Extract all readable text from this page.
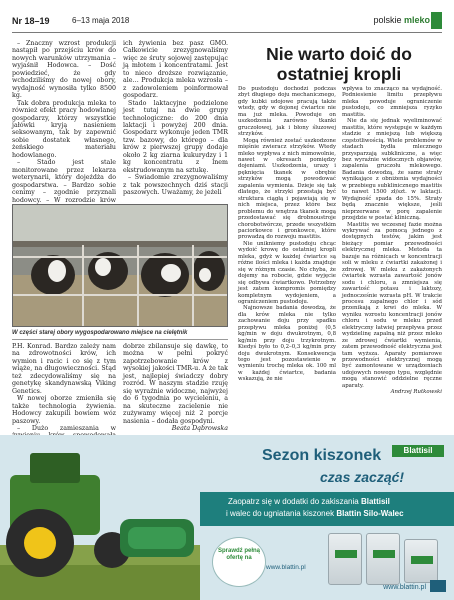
Nr 18–19	6–13 maja 2018	polskie mleko

– Znaczny wzrost produkcji nastąpił po przejściu krów do nowych warunków utrzymania – wyjaśnił Hodowca. – Dość powiedzieć, że gdy wchodziliśmy do nowej obory, wydajność wynosiła tylko 8500 kg.

Tak dobra produkcja mleka to również efekt pracy hodowlanej gospodarzy, którzy wszystkie jałówki kryją nasieniem seksowanym, tak by zapewnić sobie dostatek własnego, żeńskiego materiału hodowlanego.

– Stado jest stale monitorowane przez lekarza weterynarii, który dojeżdża do gospodarstwa. – Bardzo sobie cenimy – zgodnie przyznali hodowcy. – W rozrodzie krów

ich żywienia bez pasz GMO. Całkowicie zrezygnowaliśmy więc ze śruty sojowej zastępując ją młotem i koncentratami. Jest to nieco droższe rozwiązanie, ale… Produkcja mleka wzrosła – z zadowoleniem poinformował gospodarz.

Stado laktacyjne podzielone jest tutaj na dwie grupy technologiczne: do 200 dnia laktacji i powyżej 200 dnia. Gospodarz wykonuje jeden TMR tzw. bazowy, do którego – dla krów z pierwszej grupy dodaje około 2 kg ziarna kukurydzy i 1 kg koncentratu z lnem ekstrudowanym na sztukę.

– Świadomie zrezygnowaliśmy z tak powszechnych dziś stacji paszowych. Uważamy, że jeżeli

W części starej obory wygospodarowano miejsce na cielętnik

P.H. Konrad. Bardzo zależy nam na zdrowotności krów, ich wymion i racic i co się z tym wiąże, na długowieczności. Stąd też zdecydowaliśmy się na genetykę skandynawską Viking Genetics.

W nowej oborze zmieniła się także technologia żywienia. Hodowcy zakupili bowiem wóz paszowy.

– Dużo zamieszania w

dobrze zbilansuje się dawkę, to można w pełni pokryć zapotrzebowanie krów z wysokiej jakości TMR-u. A że tak jest, najlepiej świadczy dobry rozród. W naszym stadzie rzuję się wyraźnie widoczne, najwyżej do 6 tygodnia po wycieleniu, a na skuteczne zacielenie nie zużywamy więcej niż 2 porcje nasienia – dodała gospodyni.

Beata Dąbrowska

Nie warto doić do ostatniej kropli

Do pustodoju dochodzi podczas zbyt długiego doju mechanicznego, gdy kubki udojowe pracują także wtedy, gdy w dojonej ćwiartce nie ma już mleka. Powoduje on uszkodzenia zarówno tkanki gruczołowej, jak i błony śluzowej strzyków.

Mogą również zostać uszkodzone mięśnie zwieracz strzyków. Wtedy mleko wypływa z nich mimowolnie, nawet w okresach pomiędzy dojeniami. Uszkodzenia, urazy i pęknięcia tkanek w obrębie strzyków mogą powodować zapalenia wymienia. Dzieje się tak dlatego, że strzyki przestają być struktura ciągłą i pojawiają się w nich miejsca, przez które bez problemu do wnętrza tkanek mogą przedostawać się drobnoustroje chorobotwórcze, przede wszystkim paciorkowce i gronkowce, które prowadzą do rozwoju mastitis.

Nie unikniemy pustodoju chcąc wydoić krowę do ostatniej kropli mleka, gdyż w każdej ćwiartce są różne ilości mleka i każda znajduje się w różnym czasie. No chyba, że dojemy na robocie, gdzie wyjęcie się odbywa ćwiartkowo. Potrzebny jest zatem kompromis pomiędzy kompletnym wydojeniem, a ograniczeniem pustodoju.

Najnowsze badania dowodzą, że dla krów mleka nie tylko zachowanie doju przy spadku przepływu mleka poniżej (0,5 kg/min w doju dwukrotnym, 0,8 kg/min przy doju trzykrotnym. Kiedyś było to 0,2–0,3 kg/min przy doju dwukrotnym. Konsekwencja tego jest pozostawienie w wymieniu trochę mleka ok. 100 ml w każdej ćwiartce, badania wskazują, że nie

wpływa to znacząco na wydajność. Podniesienie limitu przepływu mleka powoduje ograniczenie pustodoju, co zmniejsza ryzyko mastitis.

Nie da się jednak wyeliminować mastitis, które występuje w każdym stadzie z mniejszą lub większą częstotliwością. Wiele problemów w stadach bydła mlecznego przysparzają subkliniczne, a więc bez wyraźnie widocznych objawów, zapalenia gruczołu mlekowego. Badania dowodzą, że same straty wynikające z obniżenia wydajności w przebiegu subklinicznego mastitis to nawet 1500 zł/szt. w laktacji. Wydajność spada do 15%. Straty będą znacznie większe, jeśli nieprzerwane w porę zapalenie przejdzie w postać kliniczną.

Mastitis we wczesnej fazie można wykrywać za pomocą jednego z dostępnych testów, jakim jest bieżący pomiar przewodności elektrycznej mleka. Metoda ta bazuje na różnicach w koncentracji soli w mleku z ćwiartki zakażonej i zdrowej. W mleku z zakażonych ćwiartek wzrasta zawartość jonów sodu i chloru, a zmniejsza się zawartość potasu i laktozy, jednocześnie wzrasta pH. W trakcie procesu zapalnego chlor i sód przenikają z krwi do mleka. W wyniku wzrostu koncentracji jonów chloru i sodu w mleku przed elektryczny łatwiej przepływa przez wydzielinę zapalną niż przez mleko ze zdrowej ćwiartki wymienia, zatem przewodność elektryczna jest tam wyższa. Aparaty pomiarowe przewodności elektrycznej mogą być zamontowane w urządzeniach udojowych nowego typu, względnie mogą stanowić oddzielne ręczne aparaty.

Andrzej Rutkowski

Blattisil
Sezon kiszonek
czas zacząć!
Zaopatrz się w dodatki do zakiszania Blattisil
i walec do ugniatania kiszonek Blattin Silo-Walec
Sprawdź pełną ofertę na
www.blattin.pl
www.blattin.pl
